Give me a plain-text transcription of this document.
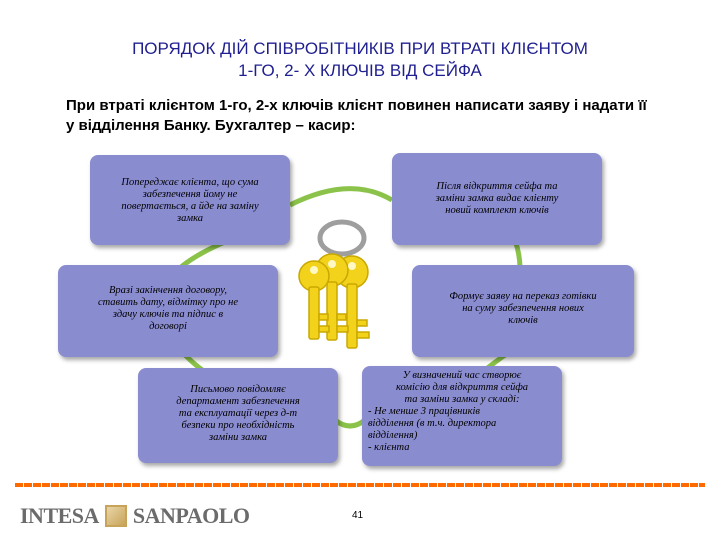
ПОРЯДОК ДІЙ СПІВРОБІТНИКІВ ПРИ ВТРАТІ КЛІЄНТОМ
1-ГО, 2- Х КЛЮЧІВ ВІД СЕЙФА
При втраті клієнтом 1-го, 2-х ключів клієнт повинен написати заяву і надати її
у відділення Банку. Бухгалтер – касир:
Попереджає клієнта, що сума
забезпечення йому не
повертається, а йде на заміну
замка
Після відкриття сейфа та
заміни замка видає клієнту
новий комплект ключів
Вразі закінчення договору,
ставить дату, відмітку про не
здачу ключів та підпис в
договорі
Формує заяву на переказ готівки
на суму забезпечення нових
ключів
Письмово повідомляє
департамент забезпечення
та експлуатації через д-т
безпеки про необхідність
заміни замка
У визначений час створює
комісію для відкриття сейфа
та заміни замка у складі:
- Не менше 3 працівників
відділення (в т.ч. директора
відділення)
- клієнта
INTESA SANPAOLO	41
